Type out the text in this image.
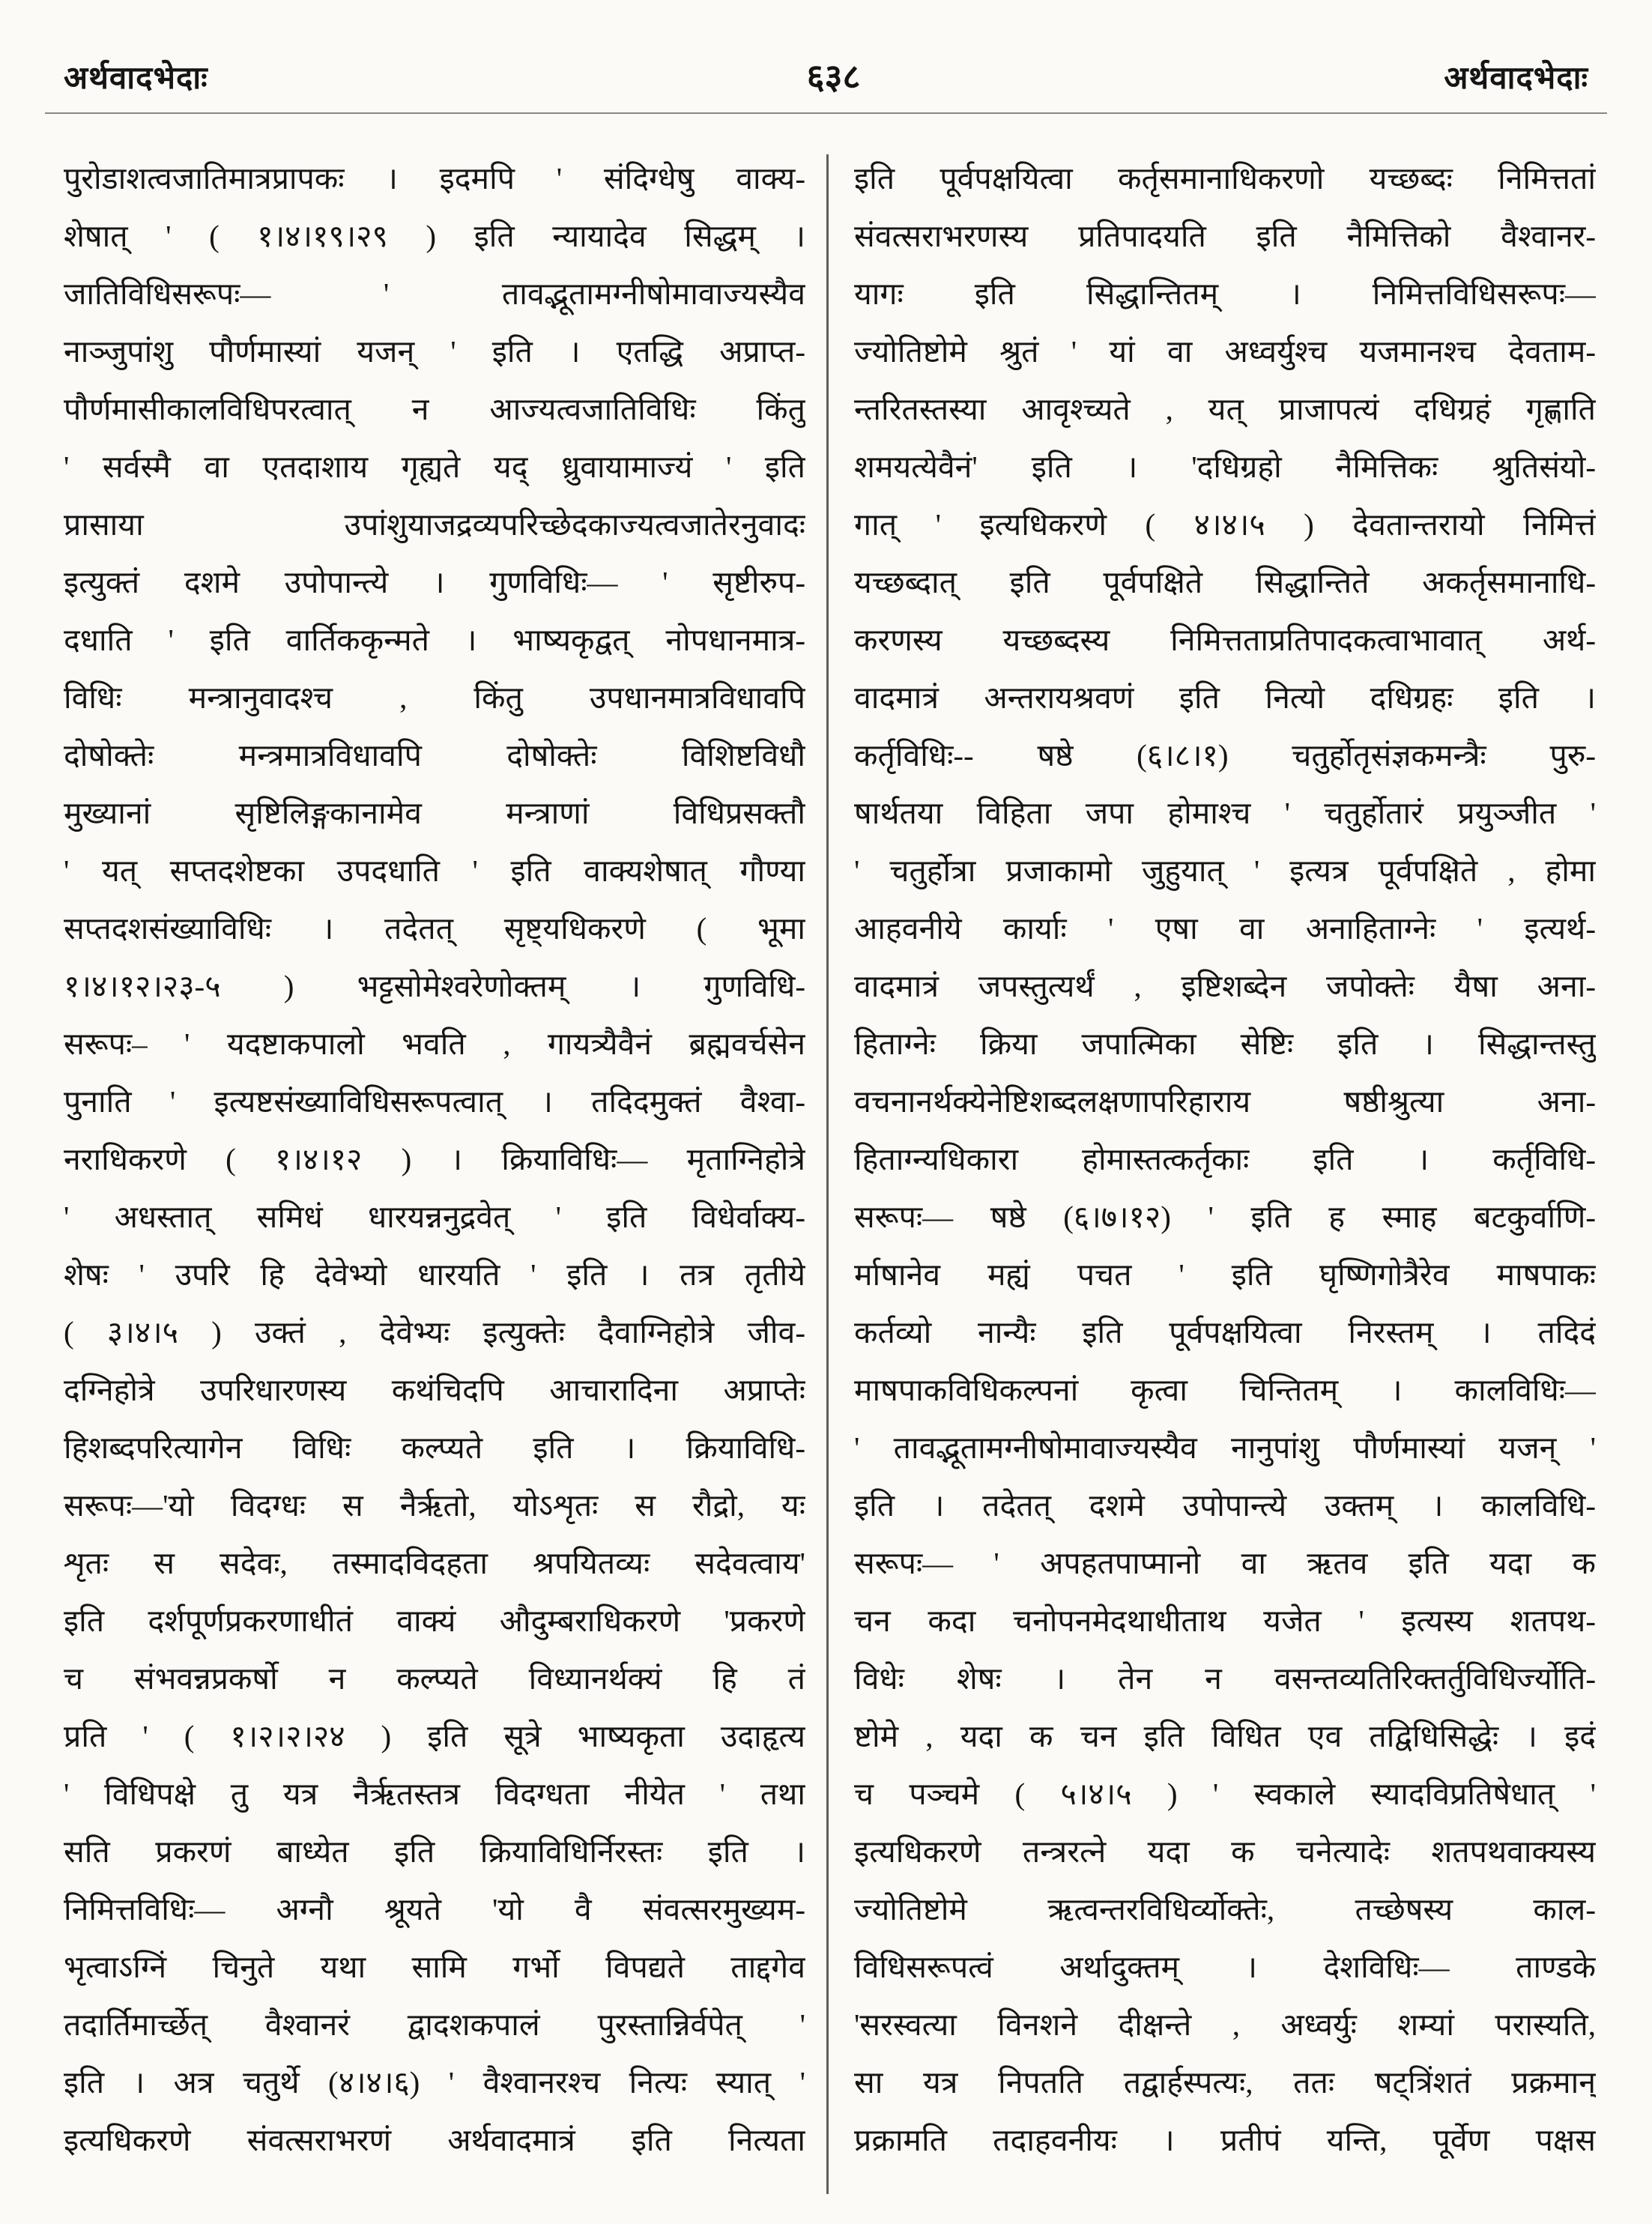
अर्थवादभेदाः	६३८	अर्थवादभेदाः
पुरोडाशत्वजातिमात्रप्रापकः । इदमपि ' संदिग्धेषु वाक्य-
शेषात् ' ( १।४।१९।२९ ) इति न्यायादेव सिद्धम् ।
जातिविधिसरूपः— ' तावद्भूतामग्नीषोमावाज्यस्यैव
नाञ्जुपांशु पौर्णमास्यां यजन् ' इति । एतद्धि अप्राप्त-
पौर्णमासीकालविधिपरत्वात् न आज्यत्वजातिविधिः किंतु
' सर्वस्मै वा एतदाशाय गृह्यते यद् ध्रुवायामाज्यं ' इति
प्रासाया उपांशुयाजद्रव्यपरिच्छेदकाज्यत्वजातेरनुवादः
इत्युक्तं दशमे उपोपान्त्ये । गुणविधिः— ' सृष्टीरुप-
दधाति ' इति वार्तिककृन्मते । भाष्यकृद्वत् नोपधानमात्र-
विधिः मन्त्रानुवादश्च , किंतु उपधानमात्रविधावपि
दोषोक्तेः मन्त्रमात्रविधावपि दोषोक्तेः विशिष्टविधौ
मुख्यानां सृष्टिलिङ्गकानामेव मन्त्राणां विधिप्रसक्तौ
' यत् सप्तदशेष्टका उपदधाति ' इति वाक्यशेषात् गौण्या
सप्तदशसंख्याविधिः । तदेतत् सृष्ट्यधिकरणे ( भूमा
१।४।१२।२३-५ ) भट्टसोमेश्वरेणोक्तम् । गुणविधि-
सरूपः– ' यदष्टाकपालो भवति , गायत्र्यैवैनं ब्रह्मवर्चसेन
पुनाति ' इत्यष्टसंख्याविधिसरूपत्वात् । तदिदमुक्तं वैश्वा-
नराधिकरणे ( १।४।१२ ) । क्रियाविधिः— मृताग्निहोत्रे
' अधस्तात् समिधं धारयन्ननुद्रवेत् ' इति विधेर्वाक्य-
शेषः ' उपरि हि देवेभ्यो धारयति ' इति । तत्र तृतीये
( ३।४।५ ) उक्तं , देवेभ्यः इत्युक्तेः दैवाग्निहोत्रे जीव-
दग्निहोत्रे उपरिधारणस्य कथंचिदपि आचारादिना अप्राप्तेः
हिशब्दपरित्यागेन विधिः कल्प्यते इति । क्रियाविधि-
सरूपः—'यो विदग्धः स नैर्ऋतो, योऽशृतः स रौद्रो, यः
शृतः स सदेवः, तस्मादविदहता श्रपयितव्यः सदेवत्वाय'
इति दर्शपूर्णप्रकरणाधीतं वाक्यं औदुम्बराधिकरणे 'प्रकरणे
च संभवन्नप्रकर्षो न कल्प्यते विध्यानर्थक्यं हि तं
प्रति ' ( १।२।२।२४ ) इति सूत्रे भाष्यकृता उदाहृत्य
' विधिपक्षे तु यत्र नैर्ऋतस्तत्र विदग्धता नीयेत ' तथा
सति प्रकरणं बाध्येत इति क्रियाविधिर्निरस्तः इति ।
निमित्तविधिः— अग्नौ श्रूयते 'यो वै संवत्सरमुख्यम-
भृत्वाऽग्निं चिनुते यथा सामि गर्भो विपद्यते ताद्दगेव
तदार्तिमार्च्छेत् वैश्वानरं द्वादशकपालं पुरस्तान्निर्वपेत् '
इति । अत्र चतुर्थे (४।४।६) ' वैश्वानरश्च नित्यः स्यात् '
इत्यधिकरणे संवत्सराभरणं अर्थवादमात्रं इति नित्यता
इति पूर्वपक्षयित्वा कर्तृसमानाधिकरणो यच्छब्दः निमित्ततां
संवत्सराभरणस्य प्रतिपादयति इति नैमित्तिको वैश्वानर-
यागः इति सिद्धान्तितम् । निमित्तविधिसरूपः—
ज्योतिष्टोमे श्रुतं ' यां वा अध्वर्युश्च यजमानश्च देवताम-
न्तरितस्तस्या आवृश्च्यते , यत् प्राजापत्यं दधिग्रहं गृह्णाति
शमयत्येवैनं' इति । 'दधिग्रहो नैमित्तिकः श्रुतिसंयो-
गात् ' इत्यधिकरणे ( ४।४।५ ) देवतान्तरायो निमित्तं
यच्छब्दात् इति पूर्वपक्षिते सिद्धान्तिते अकर्तृसमानाधि-
करणस्य यच्छब्दस्य निमित्तताप्रतिपादकत्वाभावात् अर्थ-
वादमात्रं अन्तरायश्रवणं इति नित्यो दधिग्रहः इति ।
कर्तृविधिः-- षष्ठे (६।८।१) चतुर्होतृसंज्ञकमन्त्रैः पुरु-
षार्थतया विहिता जपा होमाश्च ' चतुर्होतारं प्रयुञ्जीत '
' चतुर्होत्रा प्रजाकामो जुहुयात् ' इत्यत्र पूर्वपक्षिते , होमा
आहवनीये कार्याः ' एषा वा अनाहिताग्नेः ' इत्यर्थ-
वादमात्रं जपस्तुत्यर्थं , इष्टिशब्देन जपोक्तेः यैषा अना-
हिताग्नेः क्रिया जपात्मिका सेष्टिः इति । सिद्धान्तस्तु
वचनानर्थक्येनेष्टिशब्दलक्षणापरिहाराय षष्ठीश्रुत्या अना-
हिताग्न्यधिकारा होमास्तत्कर्तृकाः इति । कर्तृविधि-
सरूपः— षष्ठे (६।७।१२) ' इति ह स्माह बटकुर्वाणि-
र्माषानेव मह्यं पचत ' इति घृष्णिगोत्रैरेव माषपाकः
कर्तव्यो नान्यैः इति पूर्वपक्षयित्वा निरस्तम् । तदिदं
माषपाकविधिकल्पनां कृत्वा चिन्तितम् । कालविधिः—
' तावद्भूतामग्नीषोमावाज्यस्यैव नानुपांशु पौर्णमास्यां यजन् '
इति । तदेतत् दशमे उपोपान्त्ये उक्तम् । कालविधि-
सरूपः— ' अपहतपाप्मानो वा ऋतव इति यदा क
चन कदा चनोपनमेदथाधीताथ यजेत ' इत्यस्य शतपथ-
विधेः शेषः । तेन न वसन्तव्यतिरिक्तर्तुविधिर्ज्योति-
ष्टोमे , यदा क चन इति विधित एव तद्विधिसिद्धेः । इदं
च पञ्चमे ( ५।४।५ ) ' स्वकाले स्यादविप्रतिषेधात् '
इत्यधिकरणे तन्त्ररत्ने यदा क चनेत्यादेः शतपथवाक्यस्य
ज्योतिष्टोमे ऋत्वन्तरविधिर्व्योक्तेः, तच्छेषस्य काल-
विधिसरूपत्वं अर्थादुक्तम् । देशविधिः— ताण्डके
'सरस्वत्या विनशने दीक्षन्ते , अध्वर्युः शम्यां परास्यति,
सा यत्र निपतति तद्वार्हस्पत्यः, ततः षट्त्रिंशतं प्रक्रमान्
प्रक्रामति तदाहवनीयः । प्रतीपं यन्ति, पूर्वेण पक्षस
